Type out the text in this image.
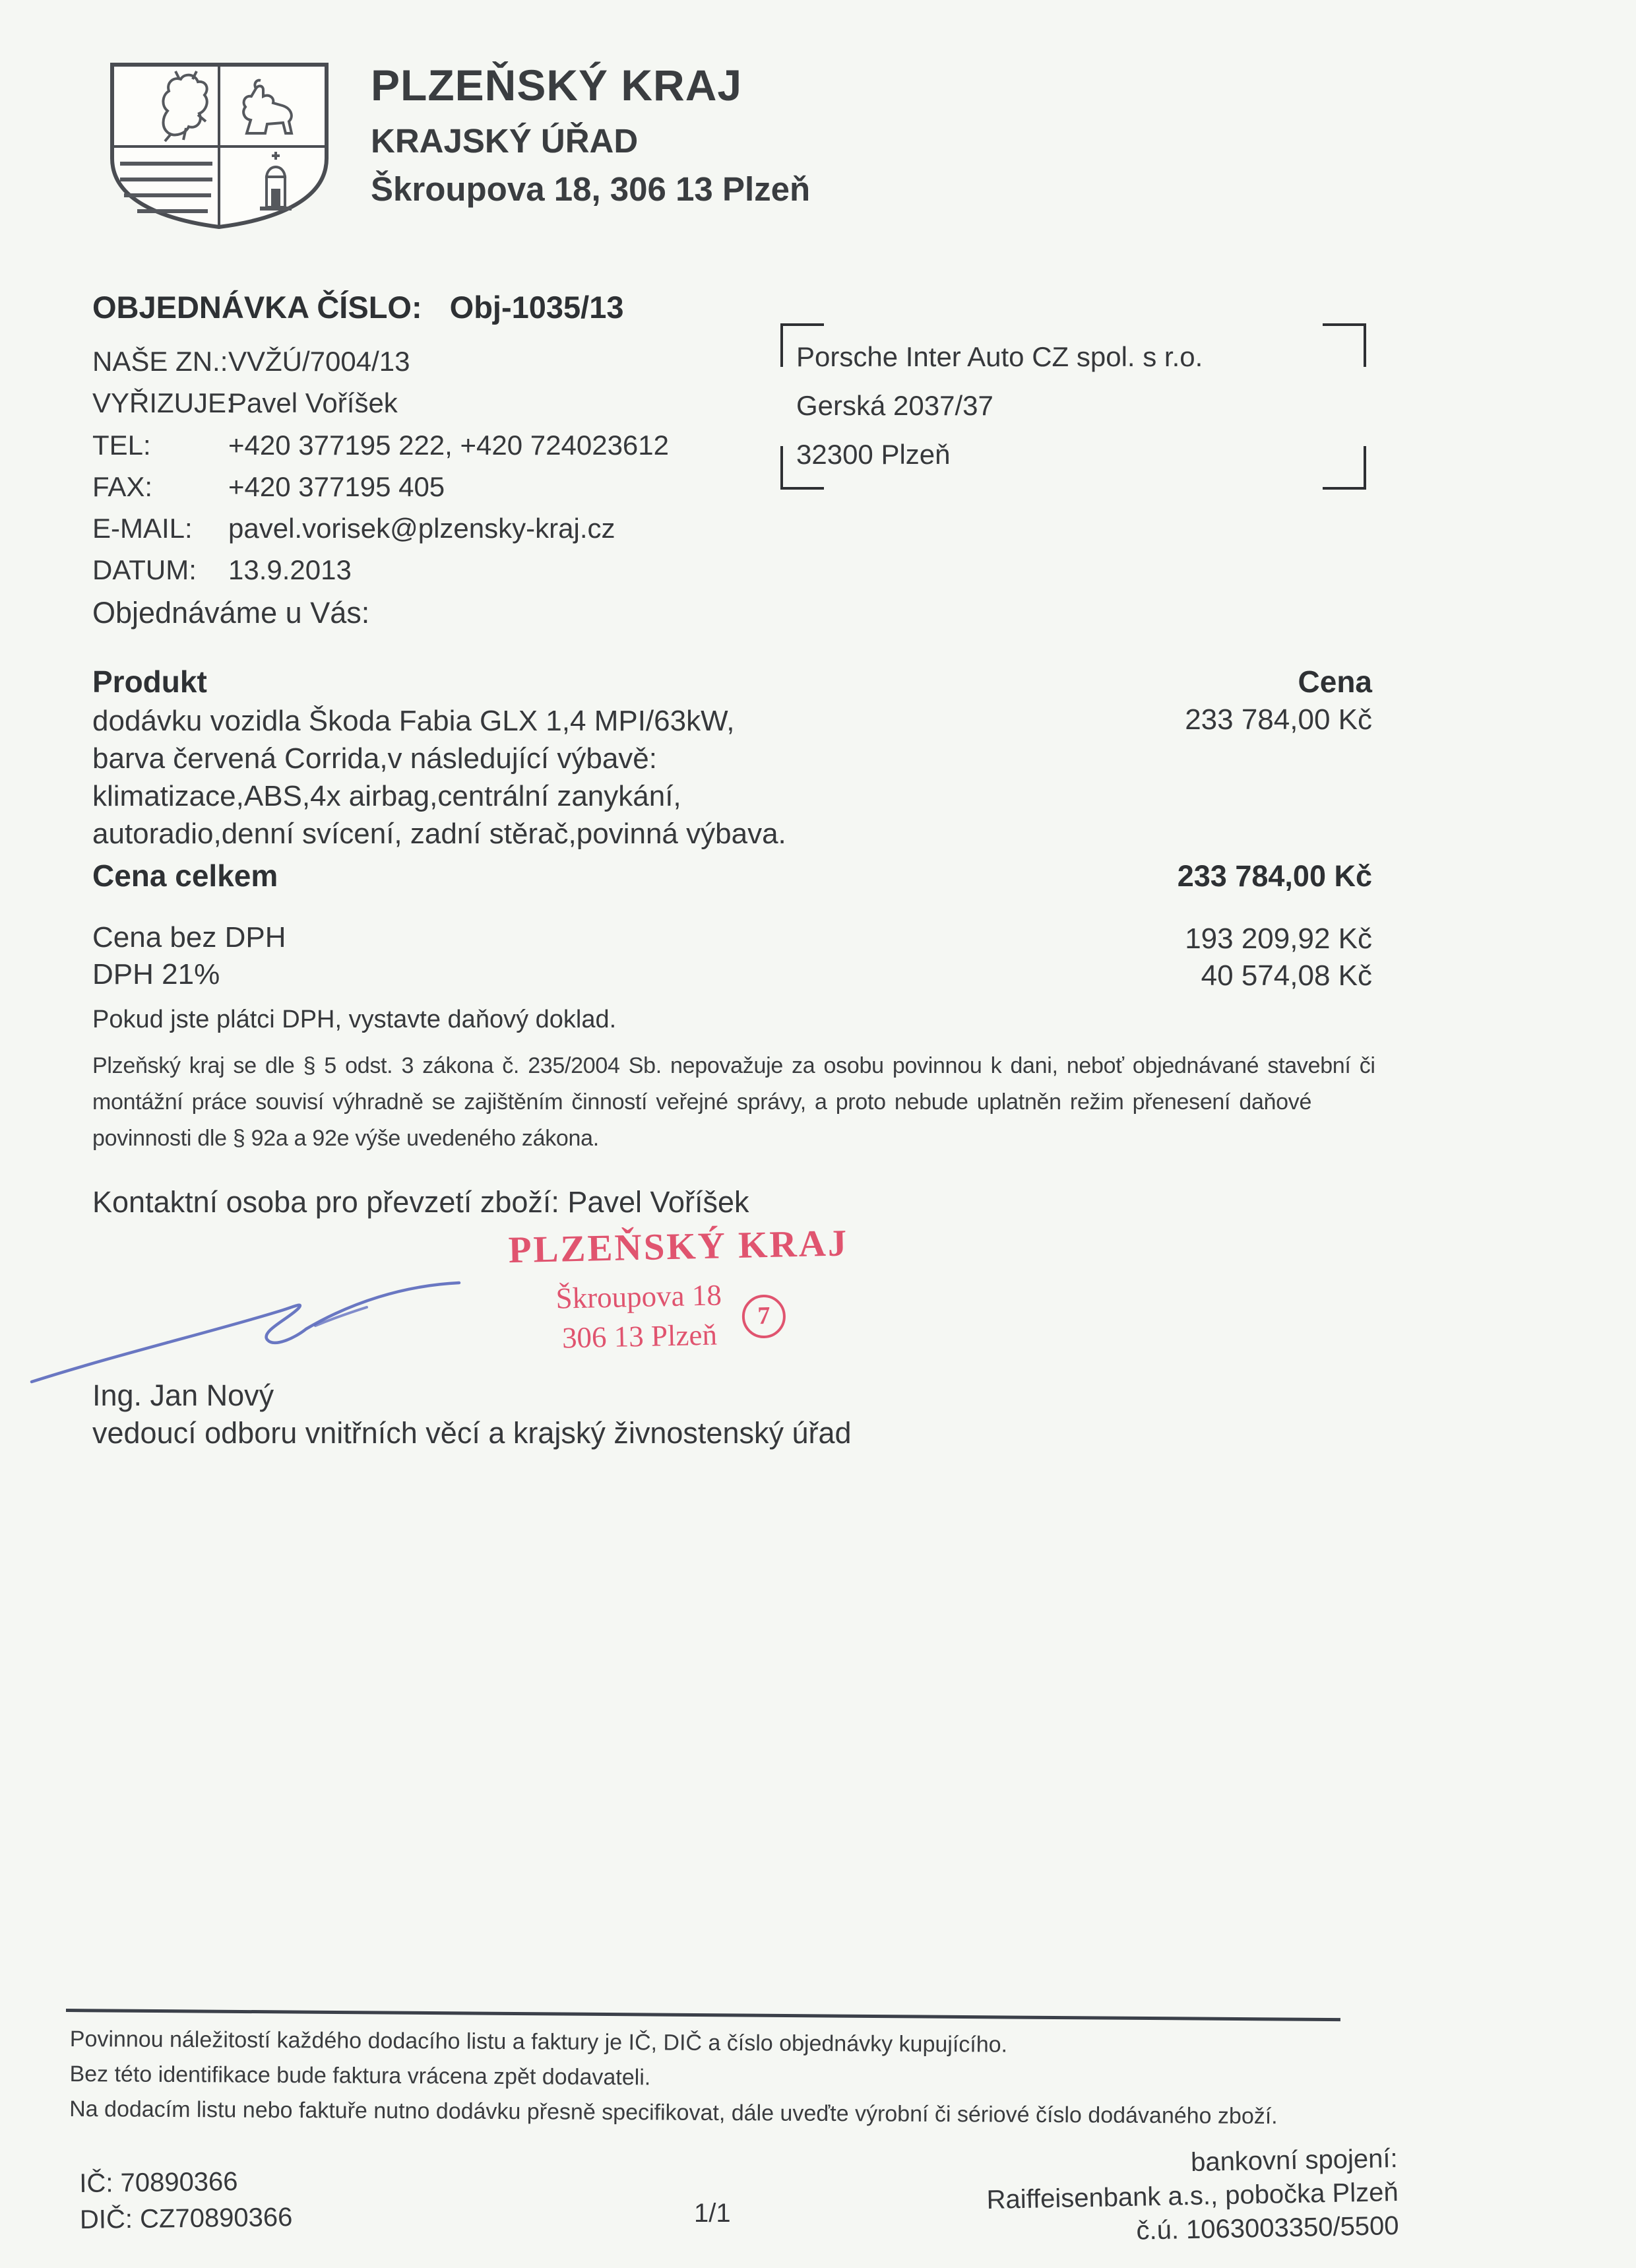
PLZEŇSKÝ KRAJ
KRAJSKÝ ÚŘAD
Škroupova 18, 306 13 Plzeň
OBJEDNÁVKA ČÍSLO: Obj-1035/13
NAŠE ZN.: VVŽÚ/7004/13
VYŘIZUJE:
Pavel Voříšek
TEL:	+420 377195 222, +420 724023612
FAX:	+420 377195 405
E-MAIL:	pavel.vorisek@plzensky-kraj.cz
DATUM:	13.9.2013
Porsche Inter Auto CZ spol. s r.o.
Gerská 2037/37
32300 Plzeň
Objednáváme u Vás:
Produkt	Cena
dodávku vozidla Škoda Fabia GLX 1,4 MPI/63kW,
barva červená Corrida,v následující výbavě:
klimatizace,ABS,4x airbag,centrální zanykání,
autoradio,denní svícení, zadní stěrač,povinná výbava.
233 784,00 Kč
Cena celkem	233 784,00 Kč
Cena bez DPH	193 209,92 Kč
DPH 21%	40 574,08 Kč
Pokud jste plátci DPH, vystavte daňový doklad.
Plzeňský kraj se dle § 5 odst. 3 zákona č. 235/2004 Sb. nepovažuje za osobu povinnou k dani, neboť objednávané stavební či
montážní práce souvisí výhradně se zajištěním činností veřejné správy, a proto nebude uplatněn režim přenesení daňové
povinnosti dle § 92a a 92e výše uvedeného zákona.
Kontaktní osoba pro převzetí zboží: Pavel Voříšek
PLZEŇSKÝ KRAJ
Škroupova 18
306 13 Plzeň
7
Ing. Jan Nový
vedoucí odboru vnitřních věcí a krajský živnostenský úřad
Povinnou náležitostí každého dodacího listu a faktury je IČ, DIČ a číslo objednávky kupujícího.
Bez této identifikace bude faktura vrácena zpět dodavateli.
Na dodacím listu nebo faktuře nutno dodávku přesně specifikovat, dále uveďte výrobní či sériové číslo dodávaného zboží.
IČ: 70890366
DIČ: CZ70890366	1/1
bankovní spojení:
Raiffeisenbank a.s., pobočka Plzeň
č.ú. 1063003350/5500
